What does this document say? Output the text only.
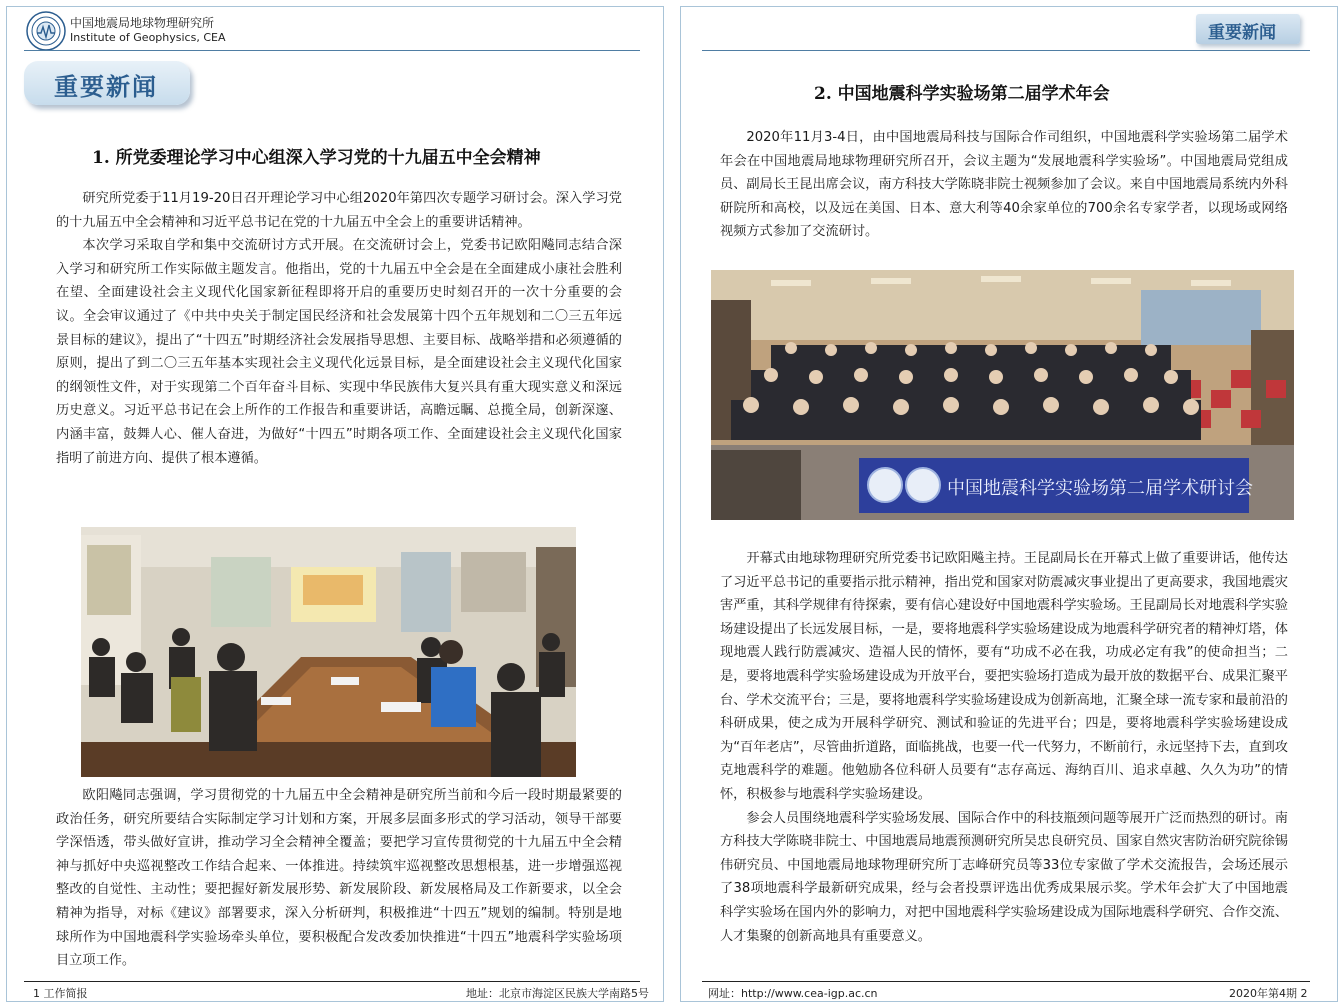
中国地震局地球物理研究所
Institute of Geophysics, CEA
重要新闻
1. 所党委理论学习中心组深入学习党的十九届五中全会精神

研究所党委于11月19-20日召开理论学习中心组2020年第四次专题学习研讨会。深入学习党的十九届五中全会精神和习近平总书记在党的十九届五中全会上的重要讲话精神。

本次学习采取自学和集中交流研讨方式开展。在交流研讨会上，党委书记欧阳飚同志结合深入学习和研究所工作实际做主题发言。他指出，党的十九届五中全会是在全面建成小康社会胜利在望、全面建设社会主义现代化国家新征程即将开启的重要历史时刻召开的一次十分重要的会议。全会审议通过了《中共中央关于制定国民经济和社会发展第十四个五年规划和二〇三五年远景目标的建议》，提出了“十四五”时期经济社会发展指导思想、主要目标、战略举措和必须遵循的原则，提出了到二〇三五年基本实现社会主义现代化远景目标，是全面建设社会主义现代化国家的纲领性文件，对于实现第二个百年奋斗目标、实现中华民族伟大复兴具有重大现实意义和深远历史意义。习近平总书记在会上所作的工作报告和重要讲话，高瞻远瞩、总揽全局，创新深邃、内涵丰富，鼓舞人心、催人奋进，为做好“十四五”时期各项工作、全面建设社会主义现代化国家指明了前进方向、提供了根本遵循。

欧阳飚同志强调，学习贯彻党的十九届五中全会精神是研究所当前和今后一段时期最紧要的政治任务，研究所要结合实际制定学习计划和方案，开展多层面多形式的学习活动，领导干部要学深悟透，带头做好宣讲，推动学习全会精神全覆盖；要把学习宣传贯彻党的十九届五中全会精神与抓好中央巡视整改工作结合起来、一体推进。持续筑牢巡视整改思想根基，进一步增强巡视整改的自觉性、主动性；要把握好新发展形势、新发展阶段、新发展格局及工作新要求，以全会精神为指导，对标《建议》部署要求，深入分析研判，积极推进“十四五”规划的编制。特别是地球所作为中国地震科学实验场牵头单位，要积极配合发改委加快推进“十四五”地震科学实验场项目立项工作。

1 工作简报	地址：北京市海淀区民族大学南路5号
重要新闻
2. 中国地震科学实验场第二届学术年会

2020年11月3-4日，由中国地震局科技与国际合作司组织，中国地震科学实验场第二届学术年会在中国地震局地球物理研究所召开，会议主题为“发展地震科学实验场”。中国地震局党组成员、副局长王昆出席会议，南方科技大学陈晓非院士视频参加了会议。来自中国地震局系统内外科研院所和高校，以及远在美国、日本、意大利等40余家单位的700余名专家学者，以现场或网络视频方式参加了交流研讨。

中国地震科学实验场第二届学术研讨会

开幕式由地球物理研究所党委书记欧阳飚主持。王昆副局长在开幕式上做了重要讲话，他传达了习近平总书记的重要指示批示精神，指出党和国家对防震减灾事业提出了更高要求，我国地震灾害严重，其科学规律有待探索，要有信心建设好中国地震科学实验场。王昆副局长对地震科学实验场建设提出了长远发展目标，一是，要将地震科学实验场建设成为地震科学研究者的精神灯塔，体现地震人践行防震减灾、造福人民的情怀，要有“功成不必在我，功成必定有我”的使命担当；二是，要将地震科学实验场建设成为开放平台，要把实验场打造成为最开放的数据平台、成果汇聚平台、学术交流平台；三是，要将地震科学实验场建设成为创新高地，汇聚全球一流专家和最前沿的科研成果，使之成为开展科学研究、测试和验证的先进平台；四是，要将地震科学实验场建设成为“百年老店”，尽管曲折道路，面临挑战，也要一代一代努力，不断前行，永远坚持下去，直到攻克地震科学的难题。他勉励各位科研人员要有“志存高远、海纳百川、追求卓越、久久为功”的情怀，积极参与地震科学实验场建设。

参会人员围绕地震科学实验场发展、国际合作中的科技瓶颈问题等展开广泛而热烈的研讨。南方科技大学陈晓非院士、中国地震局地震预测研究所吴忠良研究员、国家自然灾害防治研究院徐锡伟研究员、中国地震局地球物理研究所丁志峰研究员等33位专家做了学术交流报告，会场还展示了38项地震科学最新研究成果，经与会者投票评选出优秀成果展示奖。学术年会扩大了中国地震科学实验场在国内外的影响力，对把中国地震科学实验场建设成为国际地震科学研究、合作交流、人才集聚的创新高地具有重要意义。

网址：http://www.cea-igp.ac.cn	2020年第4期 2
